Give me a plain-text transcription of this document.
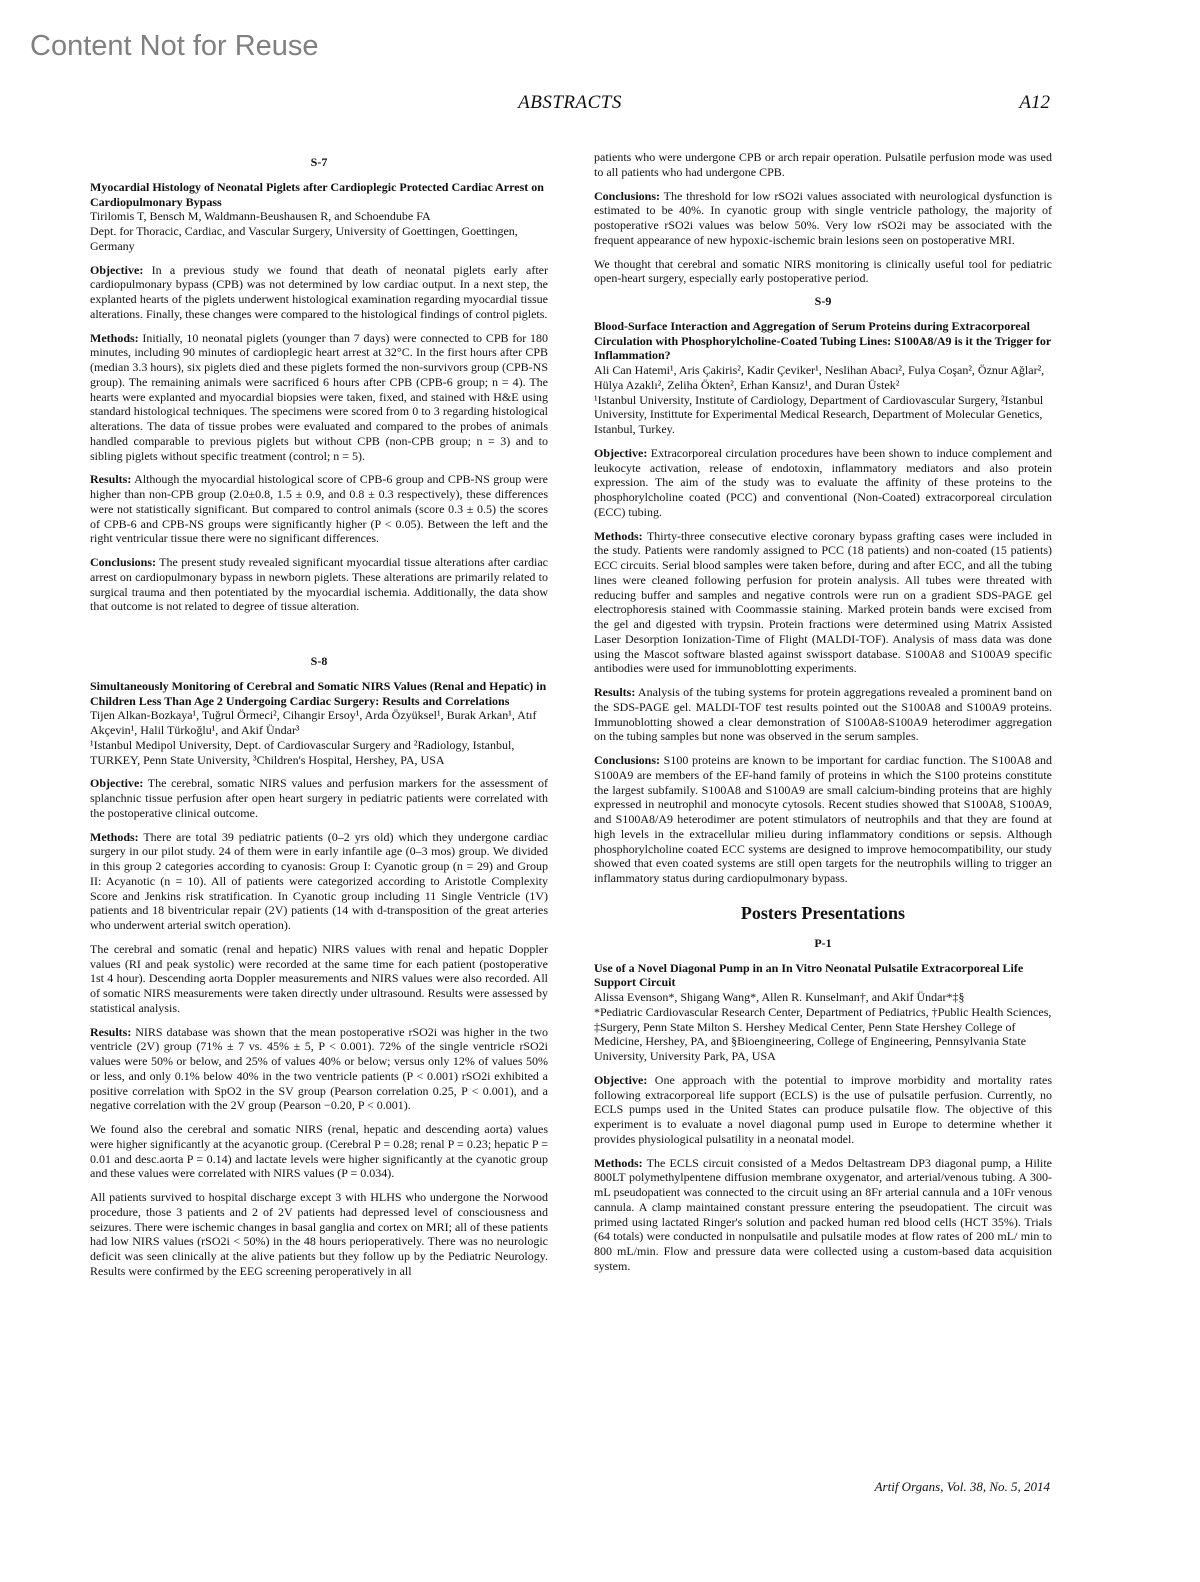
Content Not for Reuse
ABSTRACTS	A12
S-7

Myocardial Histology of Neonatal Piglets after Cardioplegic Protected Cardiac Arrest on Cardiopulmonary Bypass

Tirilomis T, Bensch M, Waldmann-Beushausen R, and Schoendube FA

Dept. for Thoracic, Cardiac, and Vascular Surgery, University of Goettingen, Goettingen, Germany

Objective: In a previous study we found that death of neonatal piglets early after cardiopulmonary bypass (CPB) was not determined by low cardiac output. In a next step, the explanted hearts of the piglets underwent histological examination regarding myocardial tissue alterations. Finally, these changes were compared to the histological findings of control piglets.

Methods: Initially, 10 neonatal piglets (younger than 7 days) were connected to CPB for 180 minutes, including 90 minutes of cardioplegic heart arrest at 32°C. In the first hours after CPB (median 3.3 hours), six piglets died and these piglets formed the non-survivors group (CPB-NS group). The remaining animals were sacrificed 6 hours after CPB (CPB-6 group; n = 4). The hearts were explanted and myocardial biopsies were taken, fixed, and stained with H&E using standard histological techniques. The specimens were scored from 0 to 3 regarding histological alterations. The data of tissue probes were evaluated and compared to the probes of animals handled comparable to previous piglets but without CPB (non-CPB group; n = 3) and to sibling piglets without specific treatment (control; n = 5).

Results: Although the myocardial histological score of CPB-6 group and CPB-NS group were higher than non-CPB group (2.0±0.8, 1.5 ± 0.9, and 0.8 ± 0.3 respectively), these differences were not statistically significant. But compared to control animals (score 0.3 ± 0.5) the scores of CPB-6 and CPB-NS groups were significantly higher (P < 0.05). Between the left and the right ventricular tissue there were no significant differences.

Conclusions: The present study revealed significant myocardial tissue alterations after cardiac arrest on cardiopulmonary bypass in newborn piglets. These alterations are primarily related to surgical trauma and then potentiated by the myocardial ischemia. Additionally, the data show that outcome is not related to degree of tissue alteration.

S-8

Simultaneously Monitoring of Cerebral and Somatic NIRS Values (Renal and Hepatic) in Children Less Than Age 2 Undergoing Cardiac Surgery: Results and Correlations

Tijen Alkan-Bozkaya¹, Tuğrul Örmeci², Cihangir Ersoy¹, Arda Özyüksel¹, Burak Arkan¹, Atıf Akçevin¹, Halil Türkoğlu¹, and Akif Ündar³

¹Istanbul Medipol University, Dept. of Cardiovascular Surgery and ²Radiology, Istanbul, TURKEY, Penn State University, ³Children's Hospital, Hershey, PA, USA

Objective: The cerebral, somatic NIRS values and perfusion markers for the assessment of splanchnic tissue perfusion after open heart surgery in pediatric patients were correlated with the postoperative clinical outcome.

Methods: There are total 39 pediatric patients (0–2 yrs old) which they undergone cardiac surgery in our pilot study. 24 of them were in early infantile age (0–3 mos) group. We divided in this group 2 categories according to cyanosis: Group I: Cyanotic group (n = 29) and Group II: Acyanotic (n = 10). All of patients were categorized according to Aristotle Complexity Score and Jenkins risk stratification. In Cyanotic group including 11 Single Ventricle (1V) patients and 18 biventricular repair (2V) patients (14 with d-transposition of the great arteries who underwent arterial switch operation).

The cerebral and somatic (renal and hepatic) NIRS values with renal and hepatic Doppler values (RI and peak systolic) were recorded at the same time for each patient (postoperative 1st 4 hour). Descending aorta Doppler measurements and NIRS values were also recorded. All of somatic NIRS measurements were taken directly under ultrasound. Results were assessed by statistical analysis.

Results: NIRS database was shown that the mean postoperative rSO2i was higher in the two ventricle (2V) group (71% ± 7 vs. 45% ± 5, P < 0.001). 72% of the single ventricle rSO2i values were 50% or below, and 25% of values 40% or below; versus only 12% of values 50% or less, and only 0.1% below 40% in the two ventricle patients (P < 0.001) rSO2i exhibited a positive correlation with SpO2 in the SV group (Pearson correlation 0.25, P < 0.001), and a negative correlation with the 2V group (Pearson −0.20, P < 0.001).

We found also the cerebral and somatic NIRS (renal, hepatic and descending aorta) values were higher significantly at the acyanotic group. (Cerebral P = 0.28; renal P = 0.23; hepatic P = 0.01 and desc.aorta P = 0.14) and lactate levels were higher significantly at the cyanotic group and these values were correlated with NIRS values (P = 0.034).

All patients survived to hospital discharge except 3 with HLHS who undergone the Norwood procedure, those 3 patients and 2 of 2V patients had depressed level of consciousness and seizures. There were ischemic changes in basal ganglia and cortex on MRI; all of these patients had low NIRS values (rSO2i < 50%) in the 48 hours perioperatively. There was no neurologic deficit was seen clinically at the alive patients but they follow up by the Pediatric Neurology. Results were confirmed by the EEG screening peroperatively in all

patients who were undergone CPB or arch repair operation. Pulsatile perfusion mode was used to all patients who had undergone CPB.

Conclusions: The threshold for low rSO2i values associated with neurological dysfunction is estimated to be 40%. In cyanotic group with single ventricle pathology, the majority of postoperative rSO2i values was below 50%. Very low rSO2i may be associated with the frequent appearance of new hypoxic-ischemic brain lesions seen on postoperative MRI.

We thought that cerebral and somatic NIRS monitoring is clinically useful tool for pediatric open-heart surgery, especially early postoperative period.

S-9

Blood-Surface Interaction and Aggregation of Serum Proteins during Extracorporeal Circulation with Phosphorylcholine-Coated Tubing Lines: S100A8/A9 is it the Trigger for Inflammation?

Ali Can Hatemi¹, Aris Çakiris², Kadir Çeviker¹, Neslihan Abacı², Fulya Coşan², Öznur Ağlar², Hülya Azaklı², Zeliha Ökten², Erhan Kansız¹, and Duran Üstek²

¹Istanbul University, Institute of Cardiology, Department of Cardiovascular Surgery, ²Istanbul University, Instittute for Experimental Medical Research, Department of Molecular Genetics, Istanbul, Turkey.

Objective: Extracorporeal circulation procedures have been shown to induce complement and leukocyte activation, release of endotoxin, inflammatory mediators and also protein expression. The aim of the study was to evaluate the affinity of these proteins to the phosphorylcholine coated (PCC) and conventional (Non-Coated) extracorporeal circulation (ECC) tubing.

Methods: Thirty-three consecutive elective coronary bypass grafting cases were included in the study. Patients were randomly assigned to PCC (18 patients) and non-coated (15 patients) ECC circuits. Serial blood samples were taken before, during and after ECC, and all the tubing lines were cleaned following perfusion for protein analysis. All tubes were threated with reducing buffer and samples and negative controls were run on a gradient SDS-PAGE gel electrophoresis stained with Coommassie staining. Marked protein bands were excised from the gel and digested with trypsin. Protein fractions were determined using Matrix Assisted Laser Desorption Ionization-Time of Flight (MALDI-TOF). Analysis of mass data was done using the Mascot software blasted against swissport database. S100A8 and S100A9 specific antibodies were used for immunoblotting experiments.

Results: Analysis of the tubing systems for protein aggregations revealed a prominent band on the SDS-PAGE gel. MALDI-TOF test results pointed out the S100A8 and S100A9 proteins. Immunoblotting showed a clear demonstration of S100A8-S100A9 heterodimer aggregation on the tubing samples but none was observed in the serum samples.

Conclusions: S100 proteins are known to be important for cardiac function. The S100A8 and S100A9 are members of the EF-hand family of proteins in which the S100 proteins constitute the largest subfamily. S100A8 and S100A9 are small calcium-binding proteins that are highly expressed in neutrophil and monocyte cytosols. Recent studies showed that S100A8, S100A9, and S100A8/A9 heterodimer are potent stimulators of neutrophils and that they are found at high levels in the extracellular milieu during inflammatory conditions or sepsis. Although phosphorylcholine coated ECC systems are designed to improve hemocompatibility, our study showed that even coated systems are still open targets for the neutrophils willing to trigger an inflammatory status during cardiopulmonary bypass.

Posters Presentations
P-1

Use of a Novel Diagonal Pump in an In Vitro Neonatal Pulsatile Extracorporeal Life Support Circuit

Alissa Evenson*, Shigang Wang*, Allen R. Kunselman†, and Akif Ündar*‡§

*Pediatric Cardiovascular Research Center, Department of Pediatrics, †Public Health Sciences, ‡Surgery, Penn State Milton S. Hershey Medical Center, Penn State Hershey College of Medicine, Hershey, PA, and §Bioengineering, College of Engineering, Pennsylvania State University, University Park, PA, USA

Objective: One approach with the potential to improve morbidity and mortality rates following extracorporeal life support (ECLS) is the use of pulsatile perfusion. Currently, no ECLS pumps used in the United States can produce pulsatile flow. The objective of this experiment is to evaluate a novel diagonal pump used in Europe to determine whether it provides physiological pulsatility in a neonatal model.

Methods: The ECLS circuit consisted of a Medos Deltastream DP3 diagonal pump, a Hilite 800LT polymethylpentene diffusion membrane oxygenator, and arterial/venous tubing. A 300-mL pseudopatient was connected to the circuit using an 8Fr arterial cannula and a 10Fr venous cannula. A clamp maintained constant pressure entering the pseudopatient. The circuit was primed using lactated Ringer's solution and packed human red blood cells (HCT 35%). Trials (64 totals) were conducted in nonpulsatile and pulsatile modes at flow rates of 200 mL/ min to 800 mL/min. Flow and pressure data were collected using a custom-based data acquisition system.

Artif Organs, Vol. 38, No. 5, 2014
